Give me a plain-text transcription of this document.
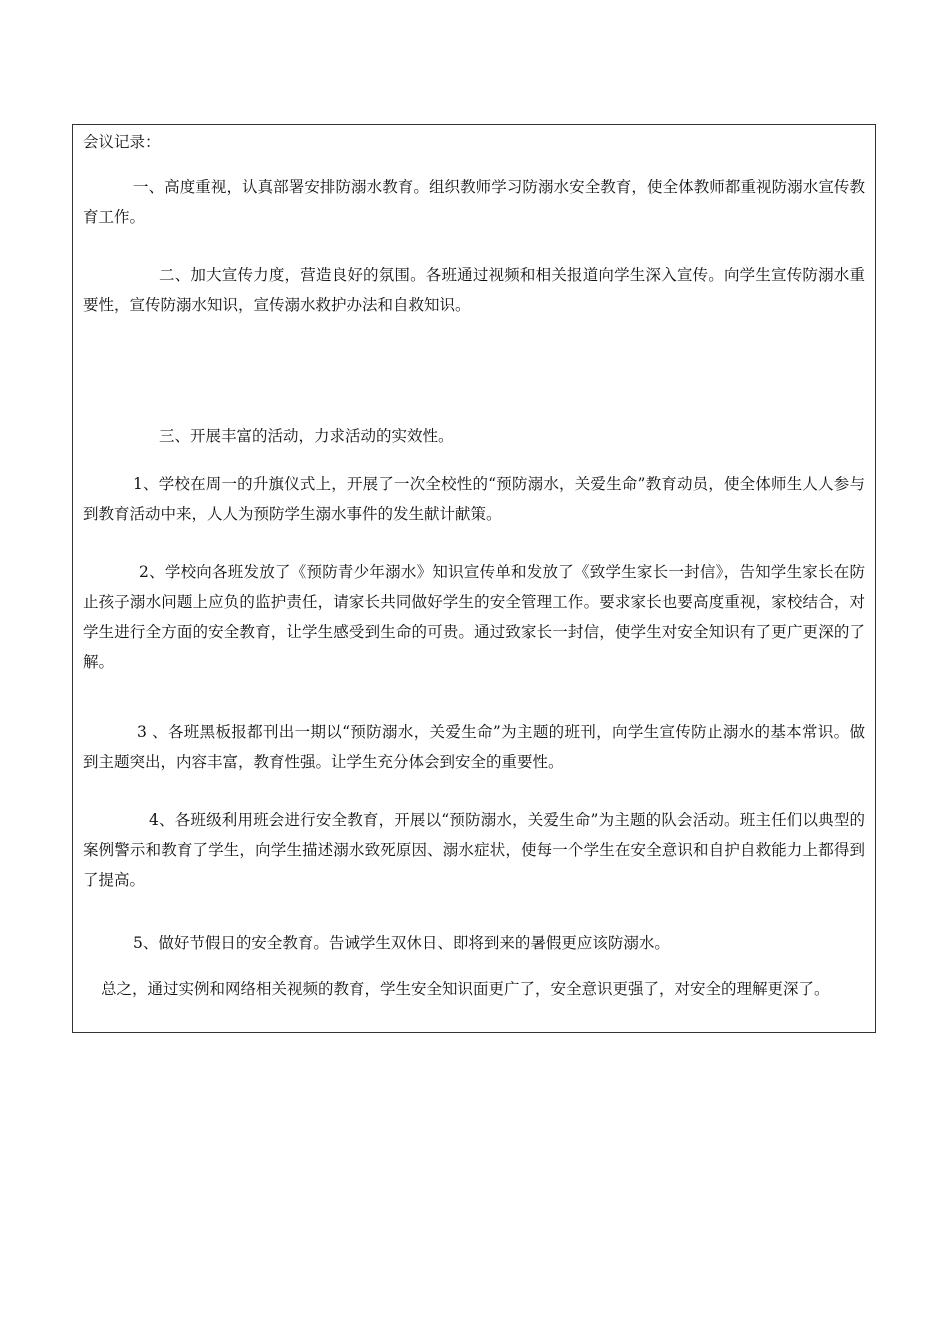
会议记录：

一、高度重视，认真部署安排防溺水教育。组织教师学习防溺水安全教育，使全体教师都重视防溺水宣传教育工作。

二、加大宣传力度，营造良好的氛围。各班通过视频和相关报道向学生深入宣传。向学生宣传防溺水重要性，宣传防溺水知识，宣传溺水救护办法和自救知识。

三、开展丰富的活动，力求活动的实效性。

1、学校在周一的升旗仪式上，开展了一次全校性的“预防溺水，关爱生命”教育动员，使全体师生人人参与到教育活动中来，人人为预防学生溺水事件的发生献计献策。

2、学校向各班发放了《预防青少年溺水》知识宣传单和发放了《致学生家长一封信》，告知学生家长在防止孩子溺水问题上应负的监护责任，请家长共同做好学生的安全管理工作。要求家长也要高度重视，家校结合，对学生进行全方面的安全教育，让学生感受到生命的可贵。通过致家长一封信，使学生对安全知识有了更广更深的了解。

3 、各班黑板报都刊出一期以“预防溺水，关爱生命”为主题的班刊，向学生宣传防止溺水的基本常识。做到主题突出，内容丰富，教育性强。让学生充分体会到安全的重要性。

4、各班级利用班会进行安全教育，开展以“预防溺水，关爱生命”为主题的队会活动。班主任们以典型的案例警示和教育了学生，向学生描述溺水致死原因、溺水症状，使每一个学生在安全意识和自护自救能力上都得到了提高。

5、做好节假日的安全教育。告诫学生双休日、即将到来的暑假更应该防溺水。

总之，通过实例和网络相关视频的教育，学生安全知识面更广了，安全意识更强了，对安全的理解更深了。
